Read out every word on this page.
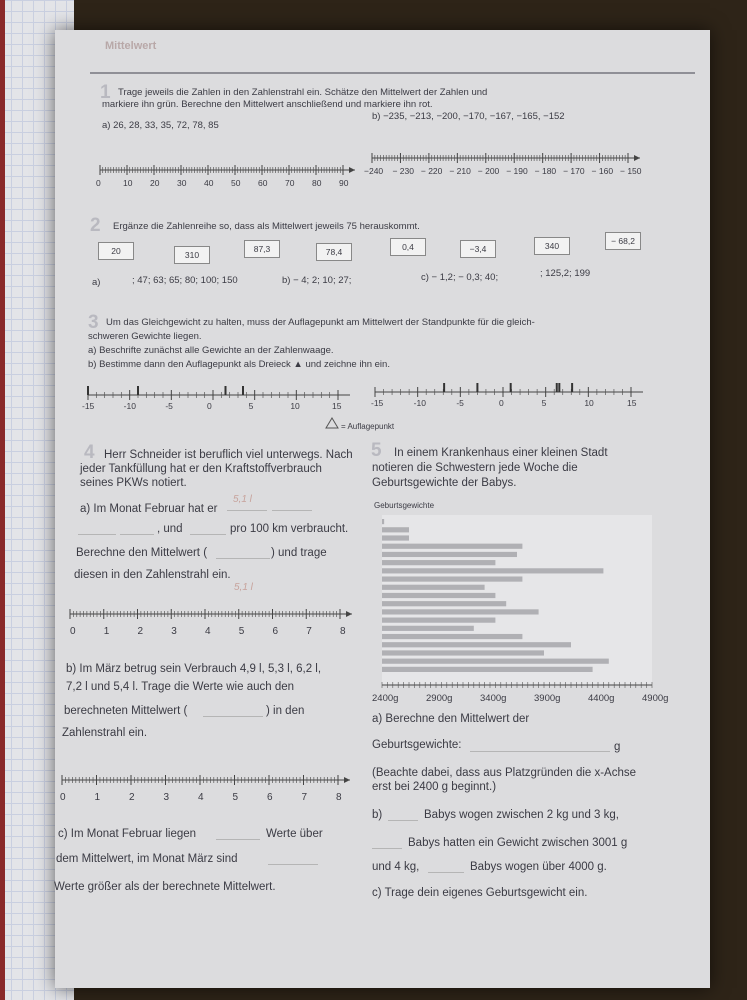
Mittelwert
1 Trage jeweils die Zahlen in den Zahlenstrahl ein. Schätze den Mittelwert der Zahlen und
markiere ihn grün. Berechne den Mittelwert anschließend und markiere ihn rot.
a) 26, 28, 33, 35, 72, 78, 85
b) −235, −213, −200, −170, −167, −165, −152
0	10 20 30 40 50 60 70 80 90
−240 − 230 − 220 − 210 − 200 − 190 − 180 − 170 − 160 − 150
2 Ergänze die Zahlenreihe so, dass als Mittelwert jeweils 75 herauskommt.
20	310
87,3	78,4	0,4	−3,4	340	− 68,2
a)	; 47; 63; 65; 80; 100; 150	b) − 4; 2; 10; 27;	c) − 1,2; − 0,3; 40;	; 125,2; 199
3 Um das Gleichgewicht zu halten, muss der Auflagepunkt am Mittelwert der Standpunkte für die gleich-
schweren Gewichte liegen.
a) Beschrifte zunächst alle Gewichte an der Zahlenwaage.
b) Bestimme dann den Auflagepunkt als Dreieck ▲ und zeichne ihn ein.
-15	-10	-5	0	5	10	15	-15	-10	-5	0	5	10	15
= Auflagepunkt
4 Herr Schneider ist beruflich viel unterwegs. Nach
jeder Tankfüllung hat er den Kraftstoffverbrauch
seines PKWs notiert.
a) Im Monat Februar hat er
5,1 l
, und	pro 100 km verbraucht.
Berechne den Mittelwert (	) und trage
diesen in den Zahlenstrahl ein.
5,1 l
0	1	2	3	4	5	6	7	8
b) Im März betrug sein Verbrauch 4,9 l, 5,3 l, 6,2 l,
7,2 l und 5,4 l. Trage die Werte wie auch den
berechneten Mittelwert (	) in den
Zahlenstrahl ein.
0	1	2	3	4	5	6	7	8
c) Im Monat Februar liegen	Werte über
dem Mittelwert, im Monat März sind
Werte größer als der berechnete Mittelwert.
5 In einem Krankenhaus einer kleinen Stadt
notieren die Schwestern jede Woche die
Geburtsgewichte der Babys.
Geburtsgewichte
2400g	2900g	3400g	3900g	4400g	4900g
a) Berechne den Mittelwert der
Geburtsgewichte:	g
(Beachte dabei, dass aus Platzgründen die x-Achse
erst bei 2400 g beginnt.)
b)	Babys wogen zwischen 2 kg und 3 kg,
Babys hatten ein Gewicht zwischen 3001 g
und 4 kg,	Babys wogen über 4000 g.
c) Trage dein eigenes Geburtsgewicht ein.
